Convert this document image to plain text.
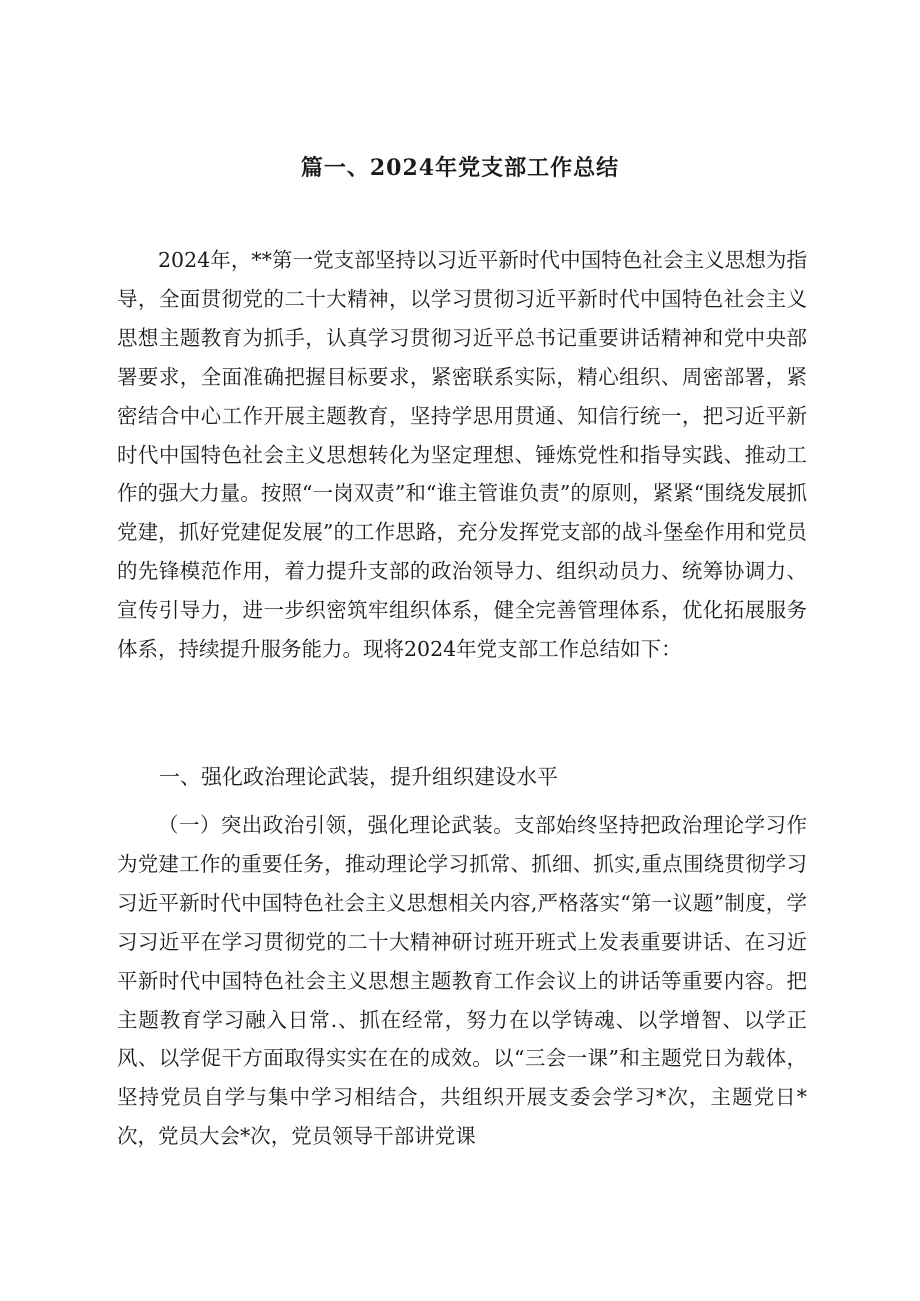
篇一、2024年党支部工作总结

2024年，**第一党支部坚持以习近平新时代中国特色社会主义思想为指导，全面贯彻党的二十大精神，以学习贯彻习近平新时代中国特色社会主义思想主题教育为抓手，认真学习贯彻习近平总书记重要讲话精神和党中央部署要求，全面准确把握目标要求，紧密联系实际，精心组织、周密部署，紧密结合中心工作开展主题教育，坚持学思用贯通、知信行统一，把习近平新时代中国特色社会主义思想转化为坚定理想、锤炼党性和指导实践、推动工作的强大力量。按照“一岗双责”和“谁主管谁负责”的原则，紧紧“围绕发展抓党建，抓好党建促发展”的工作思路，充分发挥党支部的战斗堡垒作用和党员的先锋模范作用，着力提升支部的政治领导力、组织动员力、统筹协调力、宣传引导力，进一步织密筑牢组织体系，健全完善管理体系，优化拓展服务体系，持续提升服务能力。现将2024年党支部工作总结如下：

一、强化政治理论武装，提升组织建设水平

（一）突出政治引领，强化理论武装。支部始终坚持把政治理论学习作为党建工作的重要任务，推动理论学习抓常、抓细、抓实,重点围绕贯彻学习习近平新时代中国特色社会主义思想相关内容,严格落实“第一议题”制度，学习习近平在学习贯彻党的二十大精神研讨班开班式上发表重要讲话、在习近平新时代中国特色社会主义思想主题教育工作会议上的讲话等重要内容。把主题教育学习融入日常.、抓在经常，努力在以学铸魂、以学增智、以学正风、以学促干方面取得实实在在的成效。以“三会一课”和主题党日为载体，坚持党员自学与集中学习相结合，共组织开展支委会学习*次，主题党日*次，党员大会*次，党员领导干部讲党课
